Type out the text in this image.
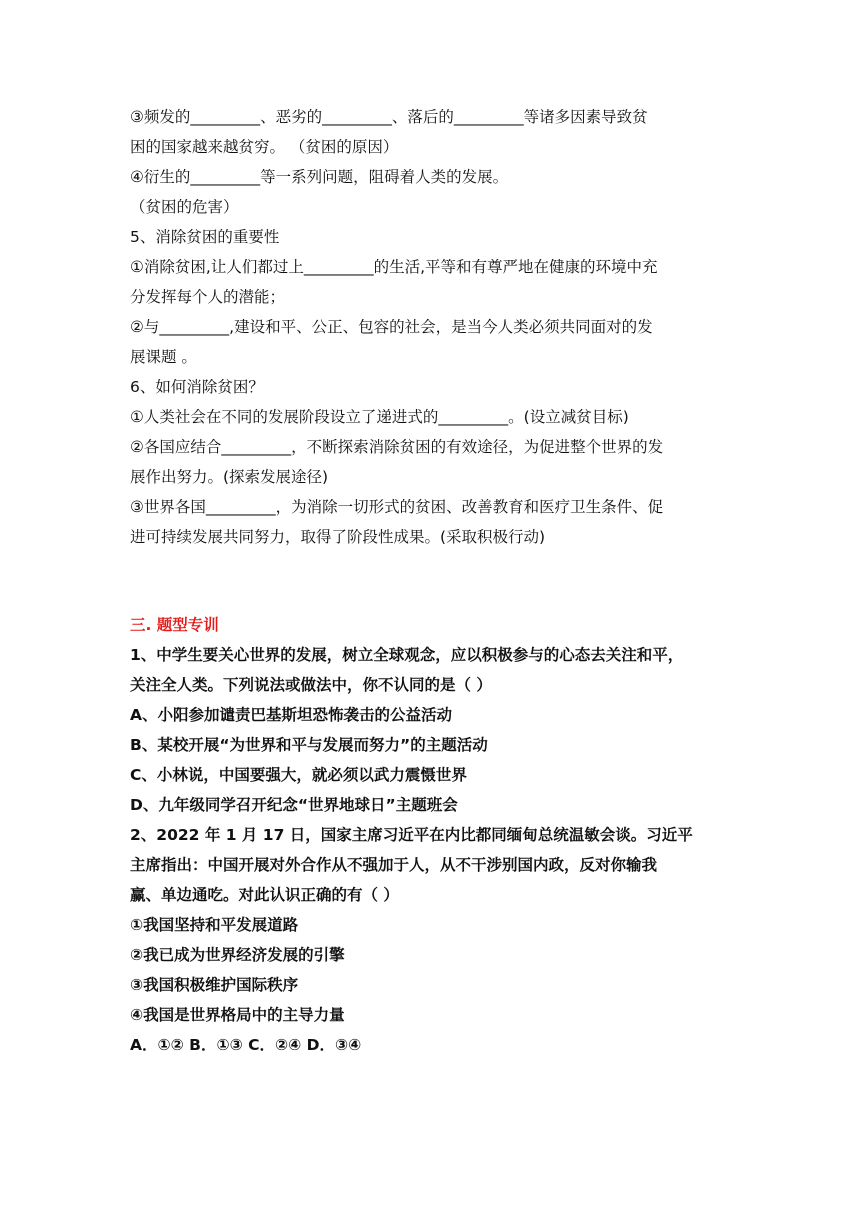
③频发的_________、恶劣的_________、落后的_________等诸多因素导致贫
困的国家越来越贫穷。 （贫困的原因）
④衍生的_________等一系列问题，阻碍着人类的发展。
（贫困的危害）
5、消除贫困的重要性
①消除贫困,让人们都过上_________的生活,平等和有尊严地在健康的环境中充
分发挥每个人的潜能；
②与_________,建设和平、公正、包容的社会，是当今人类必须共同面对的发
展课题 。
6、如何消除贫困？
①人类社会在不同的发展阶段设立了递进式的_________。(设立减贫目标)
②各国应结合_________，不断探索消除贫困的有效途径，为促进整个世界的发
展作出努力。(探索发展途径)
③世界各国_________，为消除一切形式的贫困、改善教育和医疗卫生条件、促
进可持续发展共同努力，取得了阶段性成果。(采取积极行动)
三. 题型专训
1、中学生要关心世界的发展，树立全球观念，应以积极参与的心态去关注和平，
关注全人类。下列说法或做法中，你不认同的是（ ）
A、小阳参加谴责巴基斯坦恐怖袭击的公益活动
B、某校开展“为世界和平与发展而努力”的主题活动
C、小林说，中国要强大，就必须以武力震慑世界
D、九年级同学召开纪念“世界地球日”主题班会
2、2022 年 1 月 17 日，国家主席习近平在内比都同缅甸总统温敏会谈。习近平
主席指出：中国开展对外合作从不强加于人，从不干涉别国内政，反对你输我
赢、单边通吃。对此认识正确的有（ ）
①我国坚持和平发展道路
②我已成为世界经济发展的引擎
③我国积极维护国际秩序
④我国是世界格局中的主导力量
A．①② B．①③ C．②④ D．③④
